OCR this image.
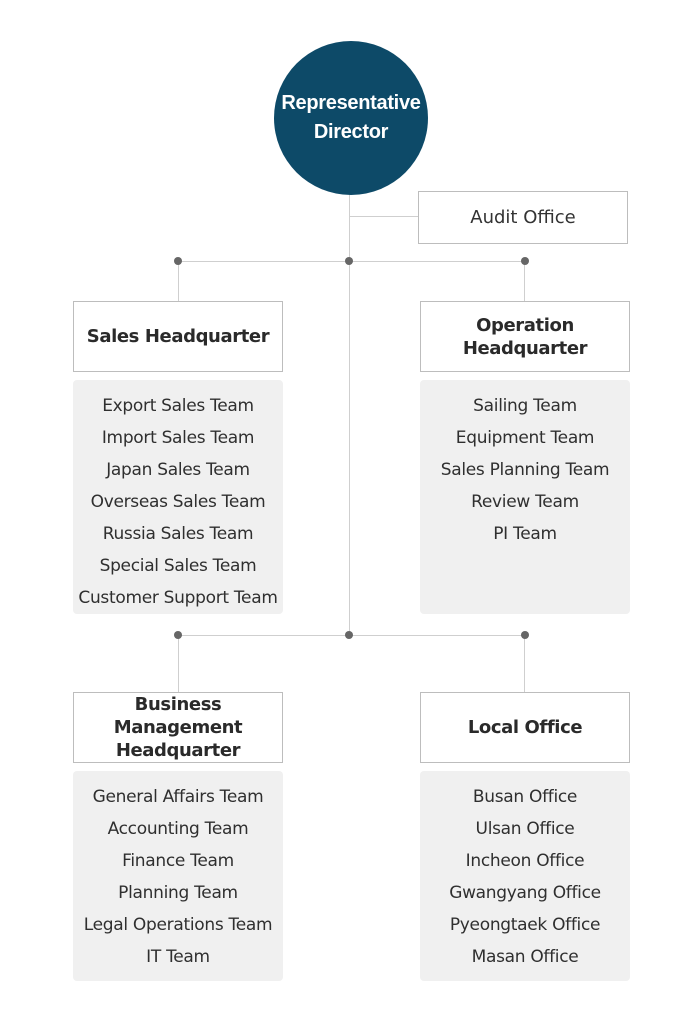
Representative
Director
Audit Office
Sales Headquarter
Export Sales Team
Import Sales Team
Japan Sales Team
Overseas Sales Team
Russia Sales Team
Special Sales Team
Customer Support Team
Operation Headquarter
Sailing Team
Equipment Team
Sales Planning Team
Review Team
PI Team
Business Management
Headquarter
General Affairs Team
Accounting Team
Finance Team
Planning Team
Legal Operations Team
IT Team
Local Office
Busan Office
Ulsan Office
Incheon Office
Gwangyang Office
Pyeongtaek Office
Masan Office
